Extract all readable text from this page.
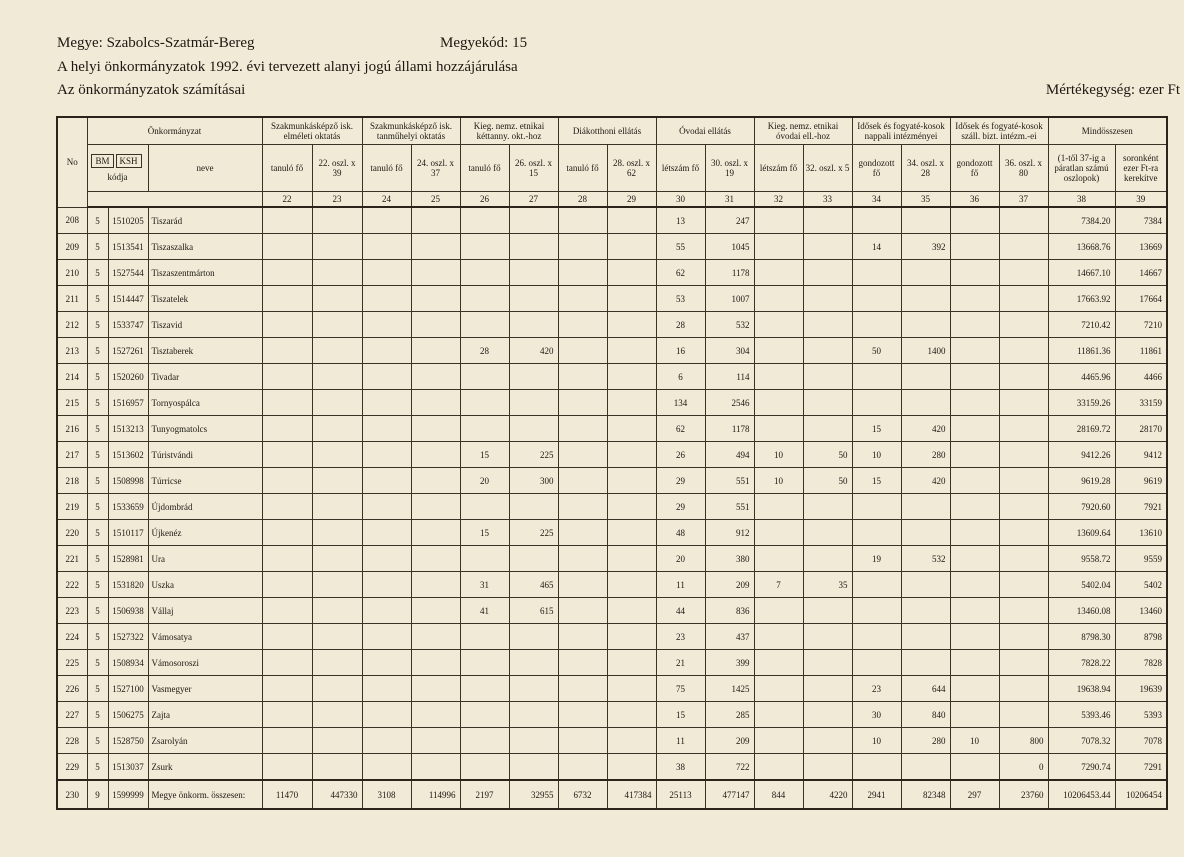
Megye: Szabolcs-Szatmár-Bereg	Megyekód: 15
A helyi önkormányzatok 1992. évi tervezett alanyi jogú állami hozzájárulása
Az önkormányzatok számításai	Mértékegység: ezer Ft
No	Önkormányzat			Szakmunkásképző isk. elméleti oktatás		Szakmunkásképző isk. tanműhelyi oktatás		Kieg. nemz. etnikai kéttanny. okt.-hoz		Diákotthoni ellátás		Óvodai ellátás		Kieg. nemz. etnikai óvodai ell.-hoz		Idősek és fogyaté-kosok nappali intézményei		Idősek és fogyaté-kosok száll. bizt. intézm.-ei		Mindösszesen	

	BM KSH
kódja		neve	tanuló fő	22. oszl. x 39	tanuló fő	24. oszl. x 37	tanuló fő	26. oszl. x 15	tanuló fő	28. oszl. x 62	létszám fő	30. oszl. x 19	létszám fő	32. oszl. x 5	gondozott fő	34. oszl. x 28	gondozott fő	36. oszl. x 80	(1-től 37-ig a páratlan számú oszlopok)	soronként ezer Ft-ra kerekítve
				22	23	24	25	26	27	28	29	30	31	32	33	34	35	36	37	38	39
208	5	1510205	Tiszarád									13	247							7384.20	7384
209	5	1513541	Tiszaszalka									55	1045			14	392			13668.76	13669
210	5	1527544	Tiszaszentmárton									62	1178							14667.10	14667
211	5	1514447	Tiszatelek									53	1007							17663.92	17664
212	5	1533747	Tiszavid									28	532							7210.42	7210
213	5	1527261	Tisztaberek					28	420			16	304			50	1400			11861.36	11861
214	5	1520260	Tivadar									6	114							4465.96	4466
215	5	1516957	Tornyospálca									134	2546							33159.26	33159
216	5	1513213	Tunyogmatolcs									62	1178			15	420			28169.72	28170
217	5	1513602	Túristvándi					15	225			26	494	10	50	10	280			9412.26	9412
218	5	1508998	Túrricse					20	300			29	551	10	50	15	420			9619.28	9619
219	5	1533659	Újdombrád									29	551							7920.60	7921
220	5	1510117	Újkenéz					15	225			48	912							13609.64	13610
221	5	1528981	Ura									20	380			19	532			9558.72	9559
222	5	1531820	Uszka					31	465			11	209	7	35					5402.04	5402
223	5	1506938	Vállaj					41	615			44	836							13460.08	13460
224	5	1527322	Vámosatya									23	437							8798.30	8798
225	5	1508934	Vámosoroszi									21	399							7828.22	7828
226	5	1527100	Vasmegyer									75	1425			23	644			19638.94	19639
227	5	1506275	Zajta									15	285			30	840			5393.46	5393
228	5	1528750	Zsarolyán									11	209			10	280	10	800	7078.32	7078
229	5	1513037	Zsurk									38	722						0	7290.74	7291
230	9	1599999	Megye önkorm. összesen:	11470	447330	3108	114996	2197	32955	6732	417384	25113	477147	844	4220	2941	82348	297	23760	10206453.44	10206454
